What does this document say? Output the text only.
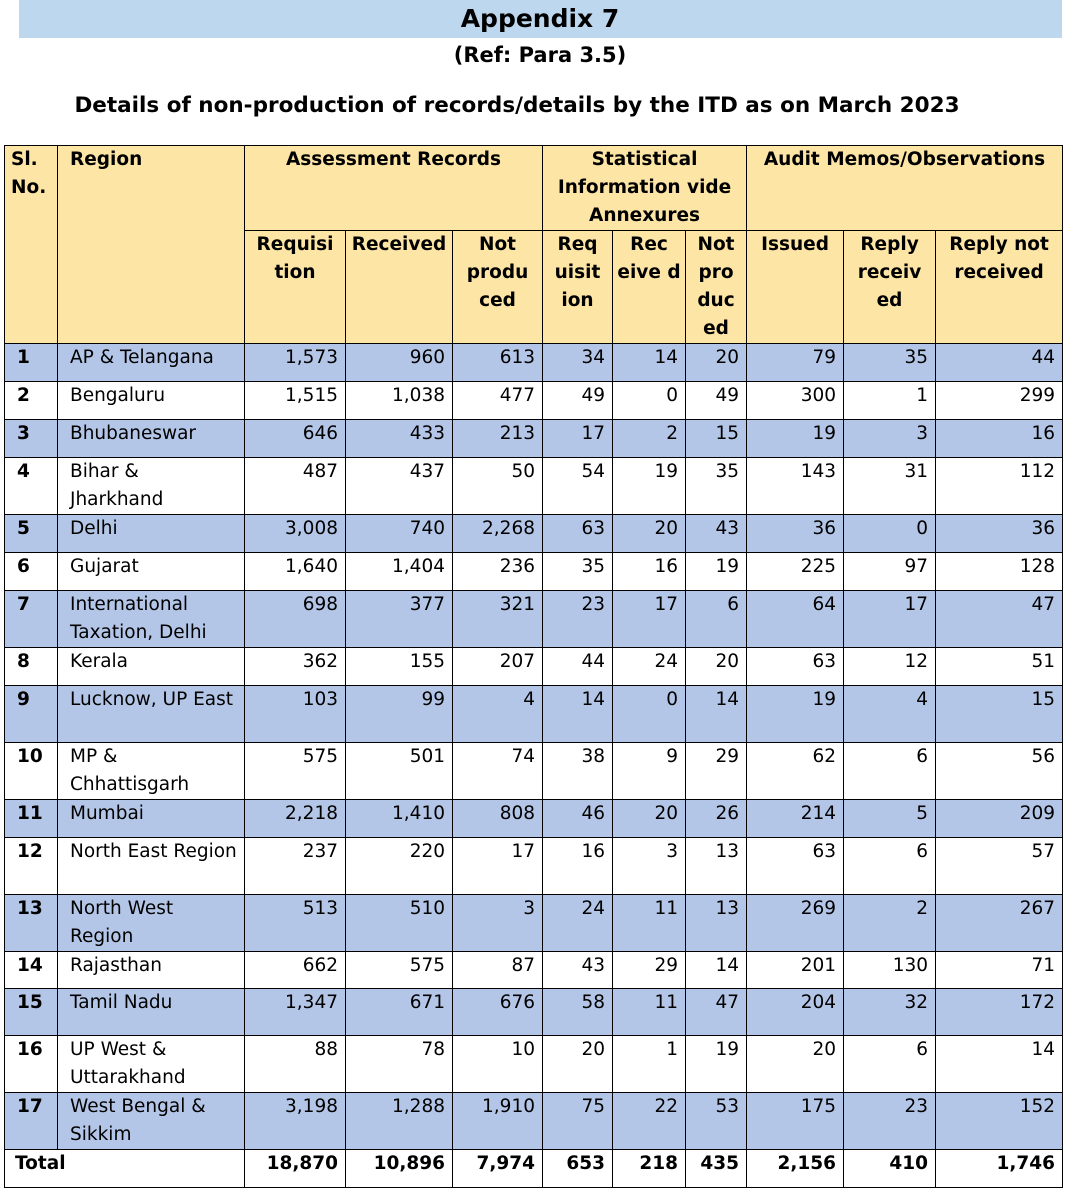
Appendix 7
(Ref: Para 3.5)
Details of non-production of records/details by the ITD as on March 2023
Sl. No.	Region	Assessment Records			Statistical Information vide Annexures			Audit Memos/Observations		
		Requisi tion	Received	Not produ ced	Req uisit ion	Rec eive d	Not pro duc ed	Issued	Reply receiv ed	Reply not received
1	AP & Telangana	1,573	960	613	34	14	20	79	35	44
2	Bengaluru	1,515	1,038	477	49	0	49	300	1	299
3	Bhubaneswar	646	433	213	17	2	15	19	3	16
4	Bihar & Jharkhand	487	437	50	54	19	35	143	31	112
5	Delhi	3,008	740	2,268	63	20	43	36	0	36
6	Gujarat	1,640	1,404	236	35	16	19	225	97	128
7	International Taxation, Delhi	698	377	321	23	17	6	64	17	47
8	Kerala	362	155	207	44	24	20	63	12	51
9	Lucknow, UP East	103	99	4	14	0	14	19	4	15
10	MP & Chhattisgarh	575	501	74	38	9	29	62	6	56
11	Mumbai	2,218	1,410	808	46	20	26	214	5	209
12	North East Region	237	220	17	16	3	13	63	6	57
13	North West Region	513	510	3	24	11	13	269	2	267
14	Rajasthan	662	575	87	43	29	14	201	130	71
15	Tamil Nadu	1,347	671	676	58	11	47	204	32	172
16	UP West & Uttarakhand	88	78	10	20	1	19	20	6	14
17	West Bengal & Sikkim	3,198	1,288	1,910	75	22	53	175	23	152
Total		18,870	10,896	7,974	653	218	435	2,156	410	1,746
